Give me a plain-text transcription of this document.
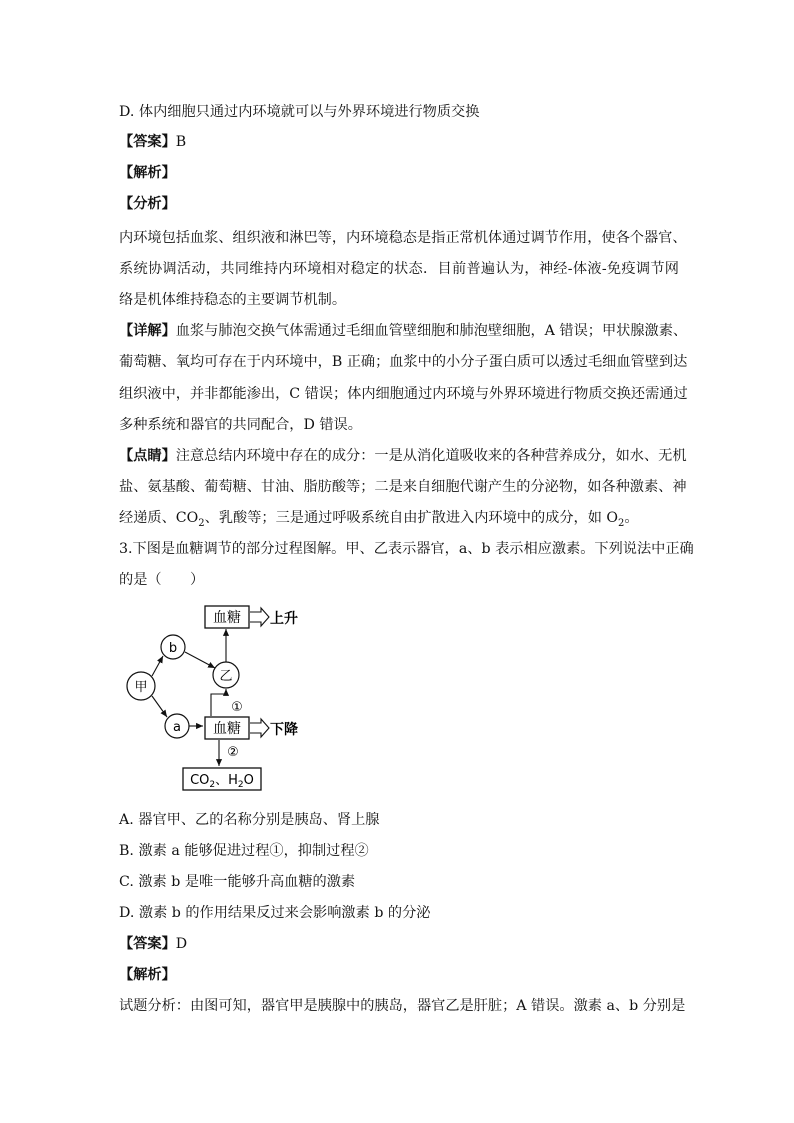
D. 体内细胞只通过内环境就可以与外界环境进行物质交换
【答案】B
【解析】
【分析】
内环境包括血浆、组织液和淋巴等，内环境稳态是指正常机体通过调节作用，使各个器官、
系统协调活动，共同维持内环境相对稳定的状态．目前普遍认为，神经-体液-免疫调节网
络是机体维持稳态的主要调节机制。
【详解】血浆与肺泡交换气体需通过毛细血管壁细胞和肺泡壁细胞，A 错误；甲状腺激素、
葡萄糖、氧均可存在于内环境中，B 正确；血浆中的小分子蛋白质可以透过毛细血管壁到达
组织液中，并非都能渗出，C 错误；体内细胞通过内环境与外界环境进行物质交换还需通过
多种系统和器官的共同配合，D 错误。
【点睛】注意总结内环境中存在的成分：一是从消化道吸收来的各种营养成分，如水、无机
盐、氨基酸、葡萄糖、甘油、脂肪酸等；二是来自细胞代谢产生的分泌物，如各种激素、神
经递质、$CO_2$、乳酸等；三是通过呼吸系统自由扩散进入内环境中的成分，如 $O_2$。
3.下图是血糖调节的部分过程图解。甲、乙表示器官，a、b 表示相应激素。下列说法中正确
的是（　　）
血糖 上升
b
乙
甲
a
①
血糖 下降
②
$CO_2$、$H_2O$
A. 器官甲、乙的名称分别是胰岛、肾上腺
B. 激素 a 能够促进过程①，抑制过程②
C. 激素 b 是唯一能够升高血糖的激素
D. 激素 b 的作用结果反过来会影响激素 b 的分泌
【答案】D
【解析】
试题分析：由图可知，器官甲是胰腺中的胰岛，器官乙是肝脏；A 错误。激素 a、b 分别是
